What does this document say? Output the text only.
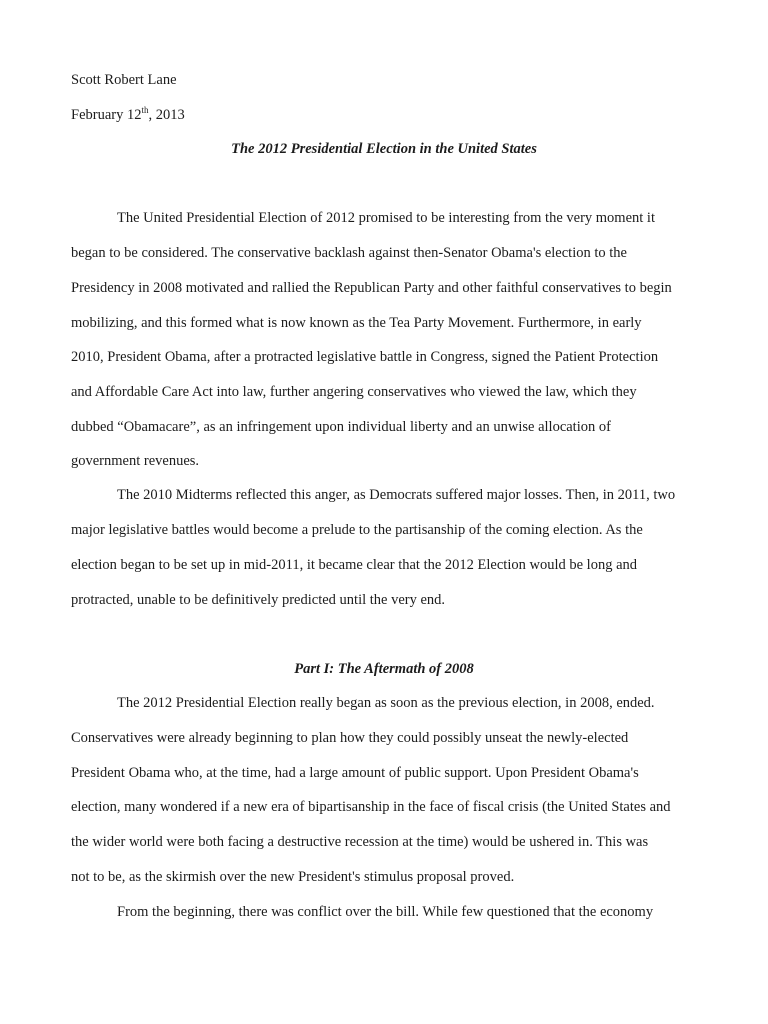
Scott Robert Lane
February 12th, 2013
The 2012 Presidential Election in the United States
The United Presidential Election of 2012 promised to be interesting from the very moment it
began to be considered. The conservative backlash against then-Senator Obama's election to the
Presidency in 2008 motivated and rallied the Republican Party and other faithful conservatives to begin
mobilizing, and this formed what is now known as the Tea Party Movement. Furthermore, in early
2010, President Obama, after a protracted legislative battle in Congress, signed the Patient Protection
and Affordable Care Act into law, further angering conservatives who viewed the law, which they
dubbed “Obamacare”, as an infringement upon individual liberty and an unwise allocation of
government revenues.
The 2010 Midterms reflected this anger, as Democrats suffered major losses. Then, in 2011, two
major legislative battles would become a prelude to the partisanship of the coming election. As the
election began to be set up in mid-2011, it became clear that the 2012 Election would be long and
protracted, unable to be definitively predicted until the very end.
Part I: The Aftermath of 2008
The 2012 Presidential Election really began as soon as the previous election, in 2008, ended.
Conservatives were already beginning to plan how they could possibly unseat the newly-elected
President Obama who, at the time, had a large amount of public support. Upon President Obama's
election, many wondered if a new era of bipartisanship in the face of fiscal crisis (the United States and
the wider world were both facing a destructive recession at the time) would be ushered in. This was
not to be, as the skirmish over the new President's stimulus proposal proved.
From the beginning, there was conflict over the bill. While few questioned that the economy
